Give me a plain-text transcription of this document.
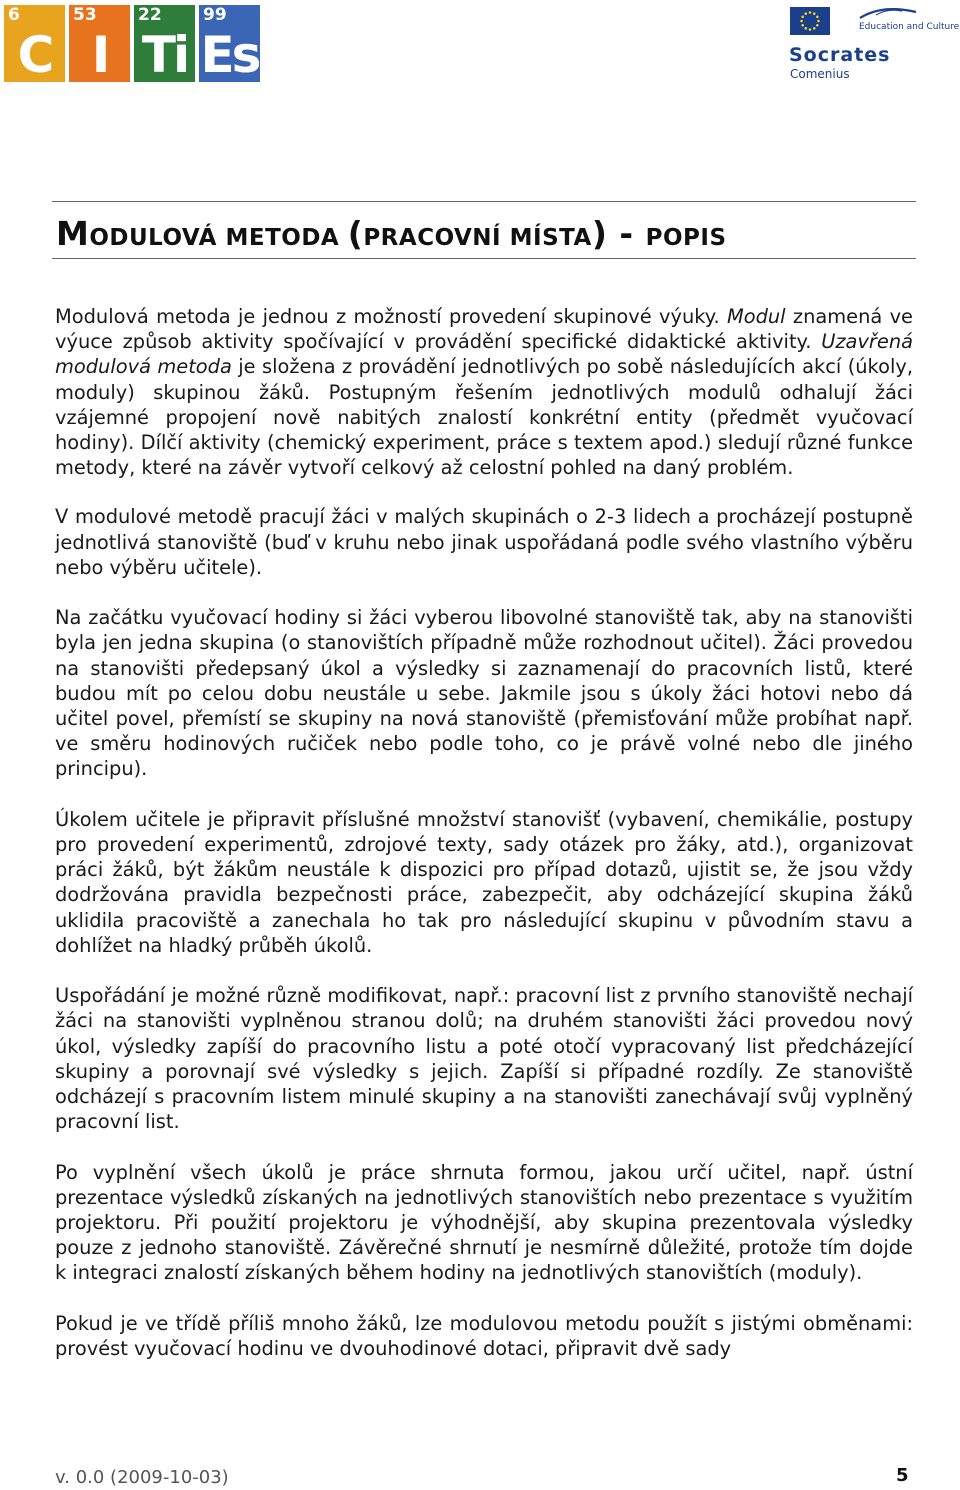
6
C
53
I
22
Ti
99
Es	Education and Culture
Socrates
Comenius
MODULOVÁ METODA (PRACOVNÍ MÍSTA) - POPIS

Modulová metoda je jednou z možností provedení skupinové výuky. Modul znamená ve výuce způsob aktivity spočívající v provádění specifické didaktické aktivity. Uzavřená modulová metoda je složena z provádění jednotlivých po sobě následujících akcí (úkoly, moduly) skupinou žáků. Postupným řešením jednotlivých modulů odhalují žáci vzájemné propojení nově nabitých znalostí konkrétní entity (předmět vyučovací hodiny). Dílčí aktivity (chemický experiment, práce s textem apod.) sledují různé funkce metody, které na závěr vytvoří celkový až celostní pohled na daný problém.

V modulové metodě pracují žáci v malých skupinách o 2-3 lidech a procházejí postupně jednotlivá stanoviště (buď v kruhu nebo jinak uspořádaná podle svého vlastního výběru nebo výběru učitele).

Na začátku vyučovací hodiny si žáci vyberou libovolné stanoviště tak, aby na stanovišti byla jen jedna skupina (o stanovištích případně může rozhodnout učitel). Žáci provedou na stanovišti předepsaný úkol a výsledky si zaznamenají do pracovních listů, které budou mít po celou dobu neustále u sebe. Jakmile jsou s úkoly žáci hotovi nebo dá učitel povel, přemístí se skupiny na nová stanoviště (přemisťování může probíhat např. ve směru hodinových ručiček nebo podle toho, co je právě volné nebo dle jiného principu).

Úkolem učitele je připravit příslušné množství stanovišť (vybavení, chemikálie, postupy pro provedení experimentů, zdrojové texty, sady otázek pro žáky, atd.), organizovat práci žáků, být žákům neustále k dispozici pro případ dotazů, ujistit se, že jsou vždy dodržována pravidla bezpečnosti práce, zabezpečit, aby odcházející skupina žáků uklidila pracoviště a zanechala ho tak pro následující skupinu v původním stavu a dohlížet na hladký průběh úkolů.

Uspořádání je možné různě modifikovat, např.: pracovní list z prvního stanoviště nechají žáci na stanovišti vyplněnou stranou dolů; na druhém stanovišti žáci provedou nový úkol, výsledky zapíší do pracovního listu a poté otočí vypracovaný list předcházející skupiny a porovnají své výsledky s jejich. Zapíší si případné rozdíly. Ze stanoviště odcházejí s pracovním listem minulé skupiny a na stanovišti zanechávají svůj vyplněný pracovní list.

Po vyplnění všech úkolů je práce shrnuta formou, jakou určí učitel, např. ústní prezentace výsledků získaných na jednotlivých stanovištích nebo prezentace s využitím projektoru. Při použití projektoru je výhodnější, aby skupina prezentovala výsledky pouze z jednoho stanoviště. Závěrečné shrnutí je nesmírně důležité, protože tím dojde k integraci znalostí získaných během hodiny na jednotlivých stanovištích (moduly).

Pokud je ve třídě příliš mnoho žáků, lze modulovou metodu použít s jistými obměnami: provést vyučovací hodinu ve dvouhodinové dotaci, připravit dvě sady

v. 0.0 (2009-10-03)	5
